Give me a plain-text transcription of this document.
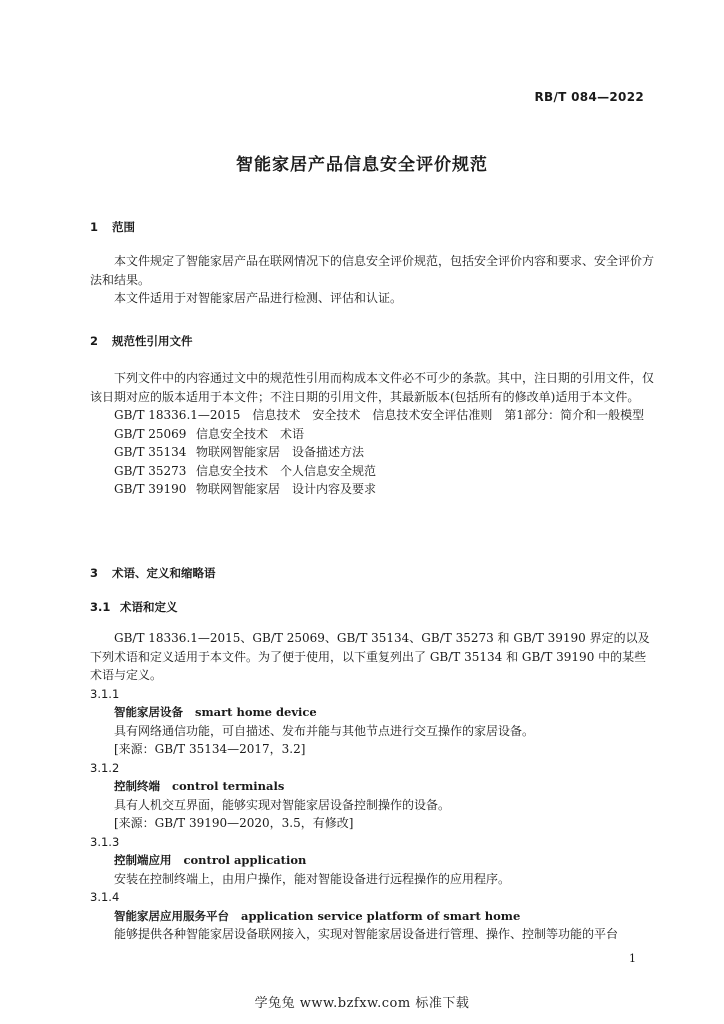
RB/T 084—2022
智能家居产品信息安全评价规范
1 范围
本文件规定了智能家居产品在联网情况下的信息安全评价规范，包括安全评价内容和要求、安全评价方法和结果。
本文件适用于对智能家居产品进行检测、评估和认证。
2 规范性引用文件
下列文件中的内容通过文中的规范性引用而构成本文件必不可少的条款。其中，注日期的引用文件，仅该日期对应的版本适用于本文件；不注日期的引用文件，其最新版本(包括所有的修改单)适用于本文件。
GB/T 18336.1—2015　信息技术　安全技术　信息技术安全评估准则　第1部分：简介和一般模型
GB/T 25069 信息安全技术　术语
GB/T 35134 物联网智能家居　设备描述方法
GB/T 35273 信息安全技术　个人信息安全规范
GB/T 39190 物联网智能家居　设计内容及要求
3 术语、定义和缩略语
3.1 术语和定义
GB/T 18336.1—2015、GB/T 25069、GB/T 35134、GB/T 35273 和 GB/T 39190 界定的以及下列术语和定义适用于本文件。为了便于使用，以下重复列出了 GB/T 35134 和 GB/T 39190 中的某些术语与定义。
3.1.1
智能家居设备 smart home device
具有网络通信功能，可自描述、发布并能与其他节点进行交互操作的家居设备。
[来源：GB/T 35134—2017，3.2]
3.1.2
控制终端 control terminals
具有人机交互界面，能够实现对智能家居设备控制操作的设备。
[来源：GB/T 39190—2020，3.5，有修改]
3.1.3
控制端应用 control application
安装在控制终端上，由用户操作，能对智能设备进行远程操作的应用程序。
3.1.4
智能家居应用服务平台 application service platform of smart home
能够提供各种智能家居设备联网接入，实现对智能家居设备进行管理、操作、控制等功能的平台
1
学兔兔 www.bzfxw.com 标准下载
